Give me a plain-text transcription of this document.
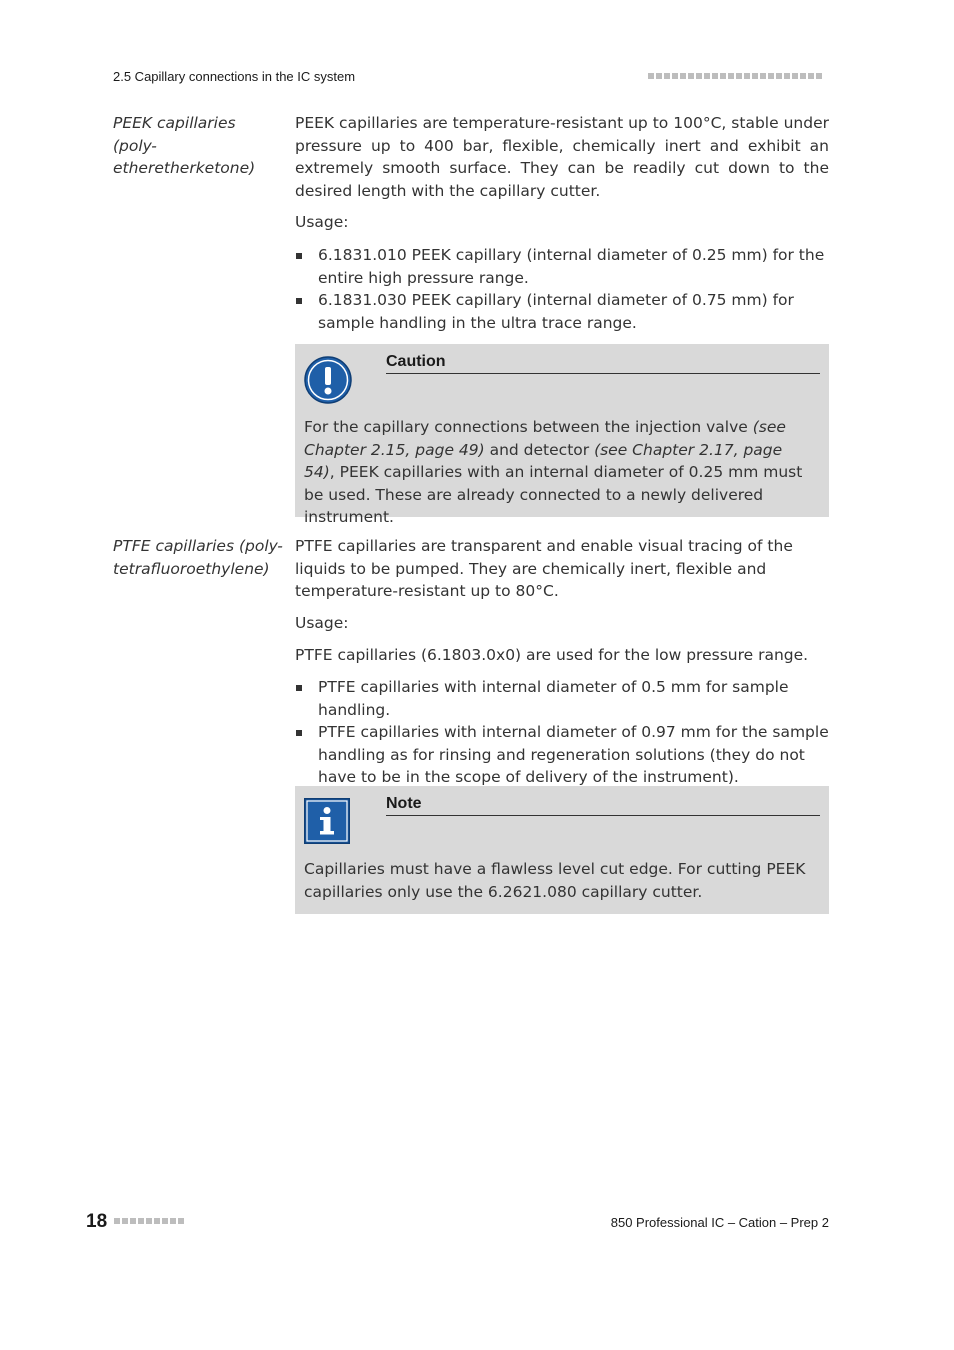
2.5 Capillary connections in the IC system
PEEK capillaries (poly-
etheretherketone)

PEEK capillaries are temperature-resistant up to 100°C, stable under pressure up to 400 bar, flexible, chemically inert and exhibit an extremely smooth surface. They can be readily cut down to the desired length with the capillary cutter.

Usage:

6.1831.010 PEEK capillary (internal diameter of 0.25 mm) for the entire high pressure range.
6.1831.030 PEEK capillary (internal diameter of 0.75 mm) for sample handling in the ultra trace range.
Caution

For the capillary connections between the injection valve (see Chapter 2.15, page 49) and detector (see Chapter 2.17, page 54), PEEK capillaries with an internal diameter of 0.25 mm must be used. These are already connected to a newly delivered instrument.

PTFE capillaries (poly-
tetrafluoroethylene)

PTFE capillaries are transparent and enable visual tracing of the liquids to be pumped. They are chemically inert, flexible and temperature-resistant up to 80°C.

Usage:

PTFE capillaries (6.1803.0x0) are used for the low pressure range.

PTFE capillaries with internal diameter of 0.5 mm for sample handling.
PTFE capillaries with internal diameter of 0.97 mm for the sample handling as for rinsing and regeneration solutions (they do not have to be in the scope of delivery of the instrument).
Note

Capillaries must have a flawless level cut edge. For cutting PEEK capillaries only use the 6.2621.080 capillary cutter.

18	850 Professional IC – Cation – Prep 2
